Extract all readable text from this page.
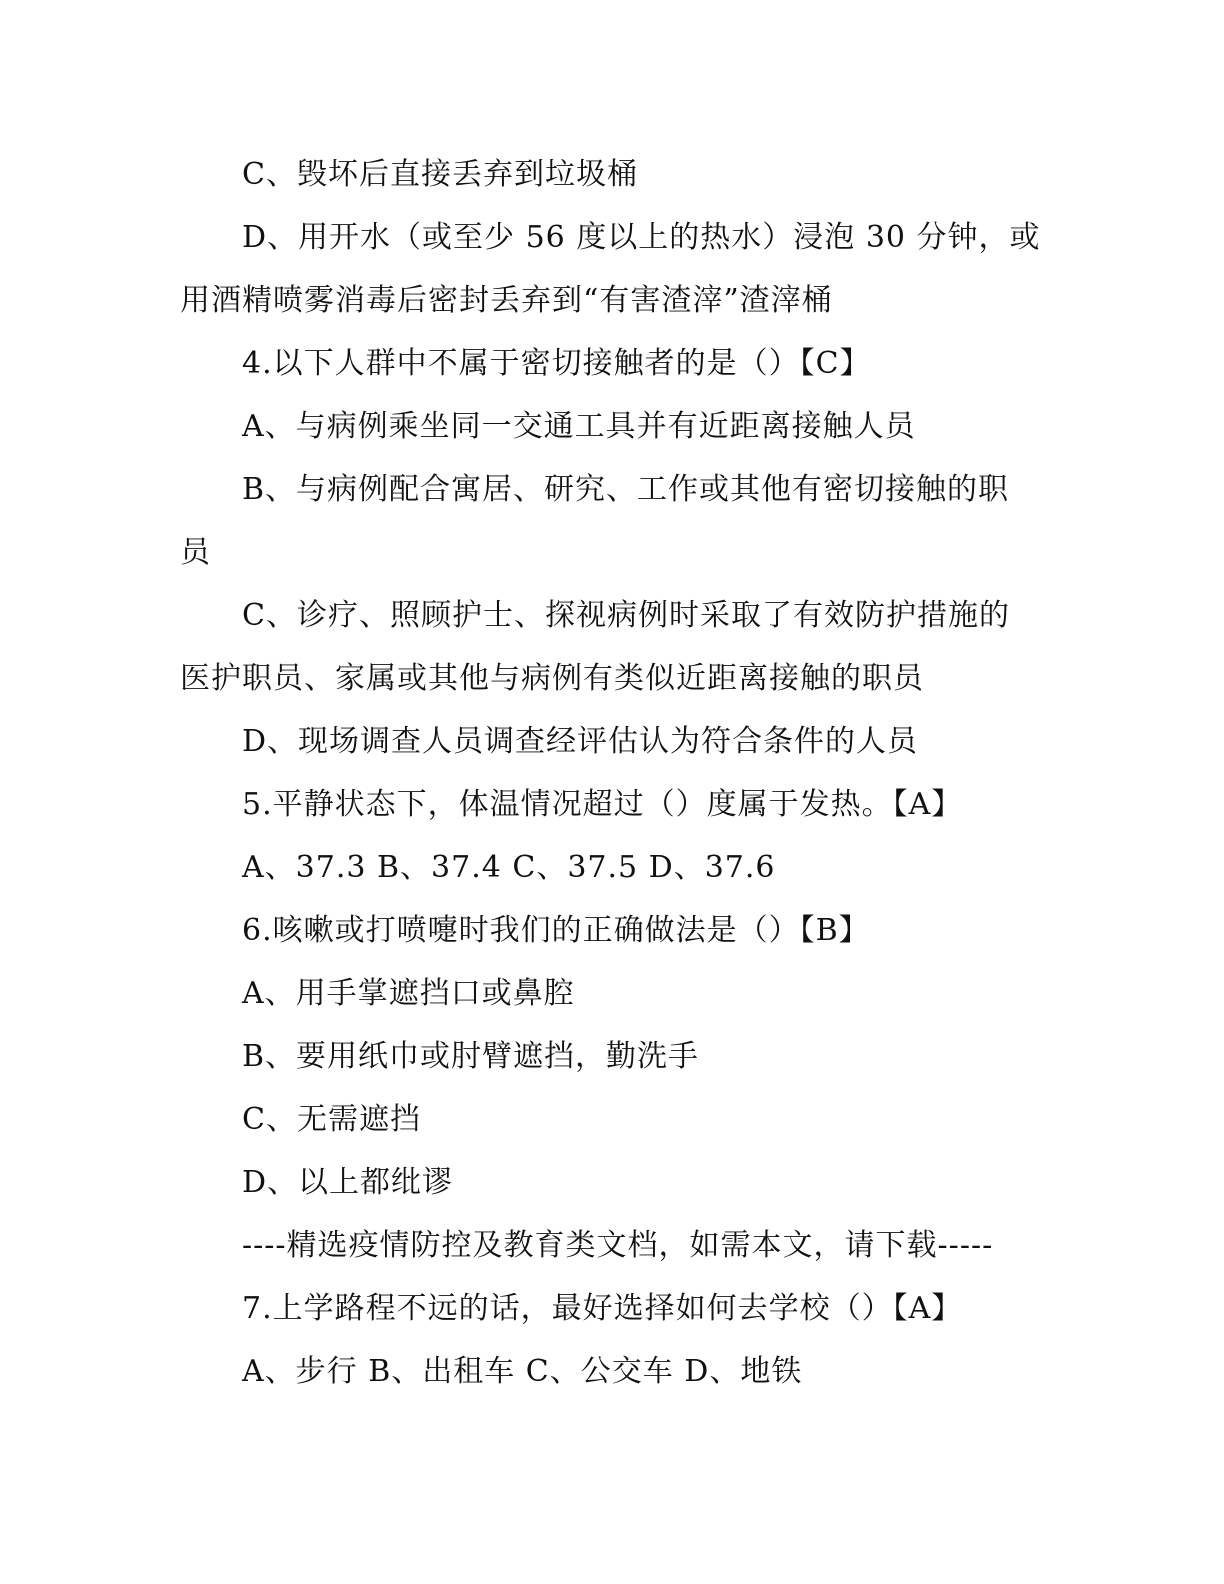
C、毁坏后直接丢弃到垃圾桶
D、用开水（或至少 56 度以上的热水）浸泡 30 分钟，或
用酒精喷雾消毒后密封丢弃到“有害渣滓”渣滓桶
4.以下人群中不属于密切接触者的是（）【C】
A、与病例乘坐同一交通工具并有近距离接触人员
B、与病例配合寓居、研究、工作或其他有密切接触的职
员
C、诊疗、照顾护士、探视病例时采取了有效防护措施的
医护职员、家属或其他与病例有类似近距离接触的职员
D、现场调查人员调查经评估认为符合条件的人员
5.平静状态下，体温情况超过（）度属于发热。【A】
A、37.3 B、37.4 C、37.5 D、37.6
6.咳嗽或打喷嚏时我们的正确做法是（）【B】
A、用手掌遮挡口或鼻腔
B、要用纸巾或肘臂遮挡，勤洗手
C、无需遮挡
D、以上都纰谬
----精选疫情防控及教育类文档，如需本文，请下载-----
7.上学路程不远的话，最好选择如何去学校（）【A】
A、步行 B、出租车 C、公交车 D、地铁
